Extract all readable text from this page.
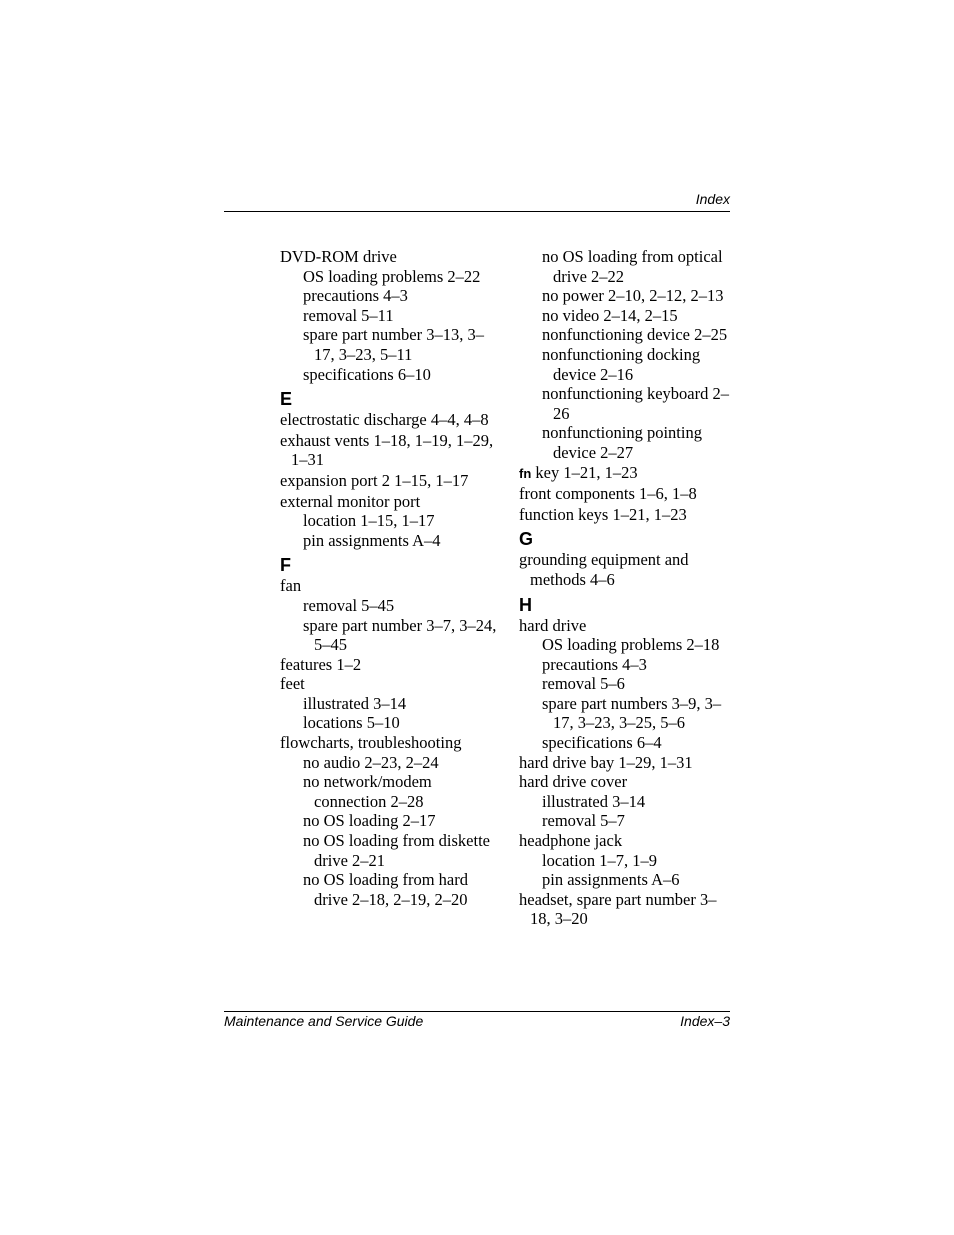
Index

DVD-ROM drive

OS loading problems 2–22

precautions 4–3

removal 5–11

spare part number 3–13, 3–17, 3–23, 5–11

specifications 6–10

E

electrostatic discharge 4–4, 4–8

exhaust vents 1–18, 1–19, 1–29, 1–31

expansion port 2 1–15, 1–17

external monitor port

location 1–15, 1–17

pin assignments A–4

F

fan

removal 5–45

spare part number 3–7, 3–24, 5–45

features 1–2

feet

illustrated 3–14

locations 5–10

flowcharts, troubleshooting

no audio 2–23, 2–24

no network/modem connection 2–28

no OS loading 2–17

no OS loading from diskette drive 2–21

no OS loading from hard drive 2–18, 2–19, 2–20

no OS loading from optical drive 2–22

no power 2–10, 2–12, 2–13

no video 2–14, 2–15

nonfunctioning device 2–25

nonfunctioning docking device 2–16

nonfunctioning keyboard 2–26

nonfunctioning pointing device 2–27

fn key 1–21, 1–23

front components 1–6, 1–8

function keys 1–21, 1–23

G

grounding equipment and methods 4–6

H

hard drive

OS loading problems 2–18

precautions 4–3

removal 5–6

spare part numbers 3–9, 3–17, 3–23, 3–25, 5–6

specifications 6–4

hard drive bay 1–29, 1–31

hard drive cover

illustrated 3–14

removal 5–7

headphone jack

location 1–7, 1–9

pin assignments A–6

headset, spare part number 3–18, 3–20

Maintenance and Service Guide	Index–3
